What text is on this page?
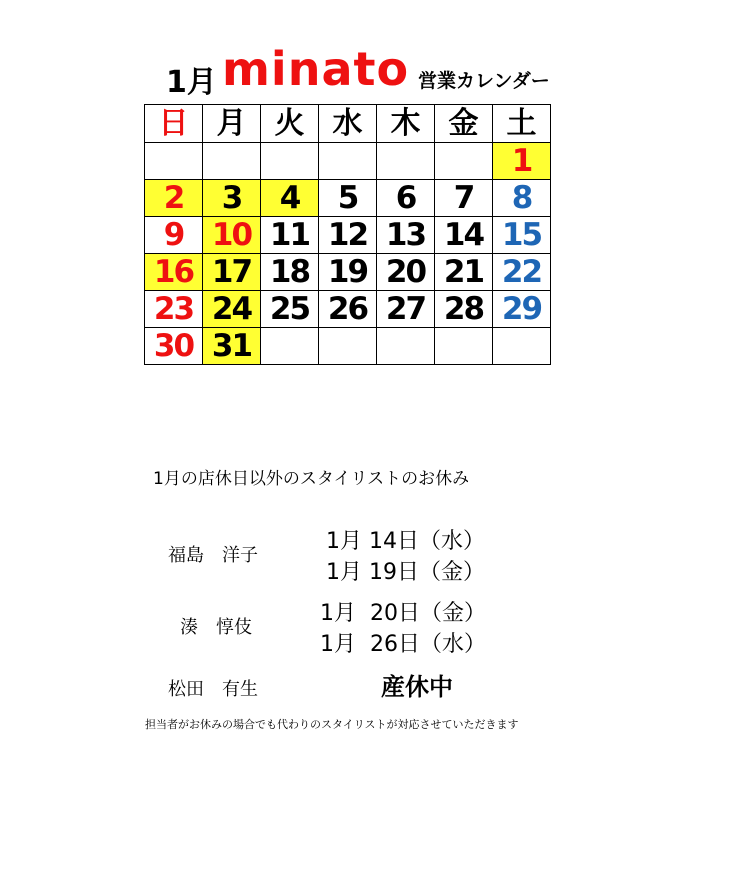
1月 minato 営業カレンダー
日	月	火	水	木	金	土
						1
2	3	4	5	6	7	8
9	10	11	12	13	14	15
16	17	18	19	20	21	22
23	24	25	26	27	28	29
30	31					
1月の店休日以外のスタイリストのお休み
福島　洋子
1月 14日（水）
1月 19日（金）
湊　惇伎
1月  20日（金）
1月  26日（水）
松田　有生	産休中
担当者がお休みの場合でも代わりのスタイリストが対応させていただきます
